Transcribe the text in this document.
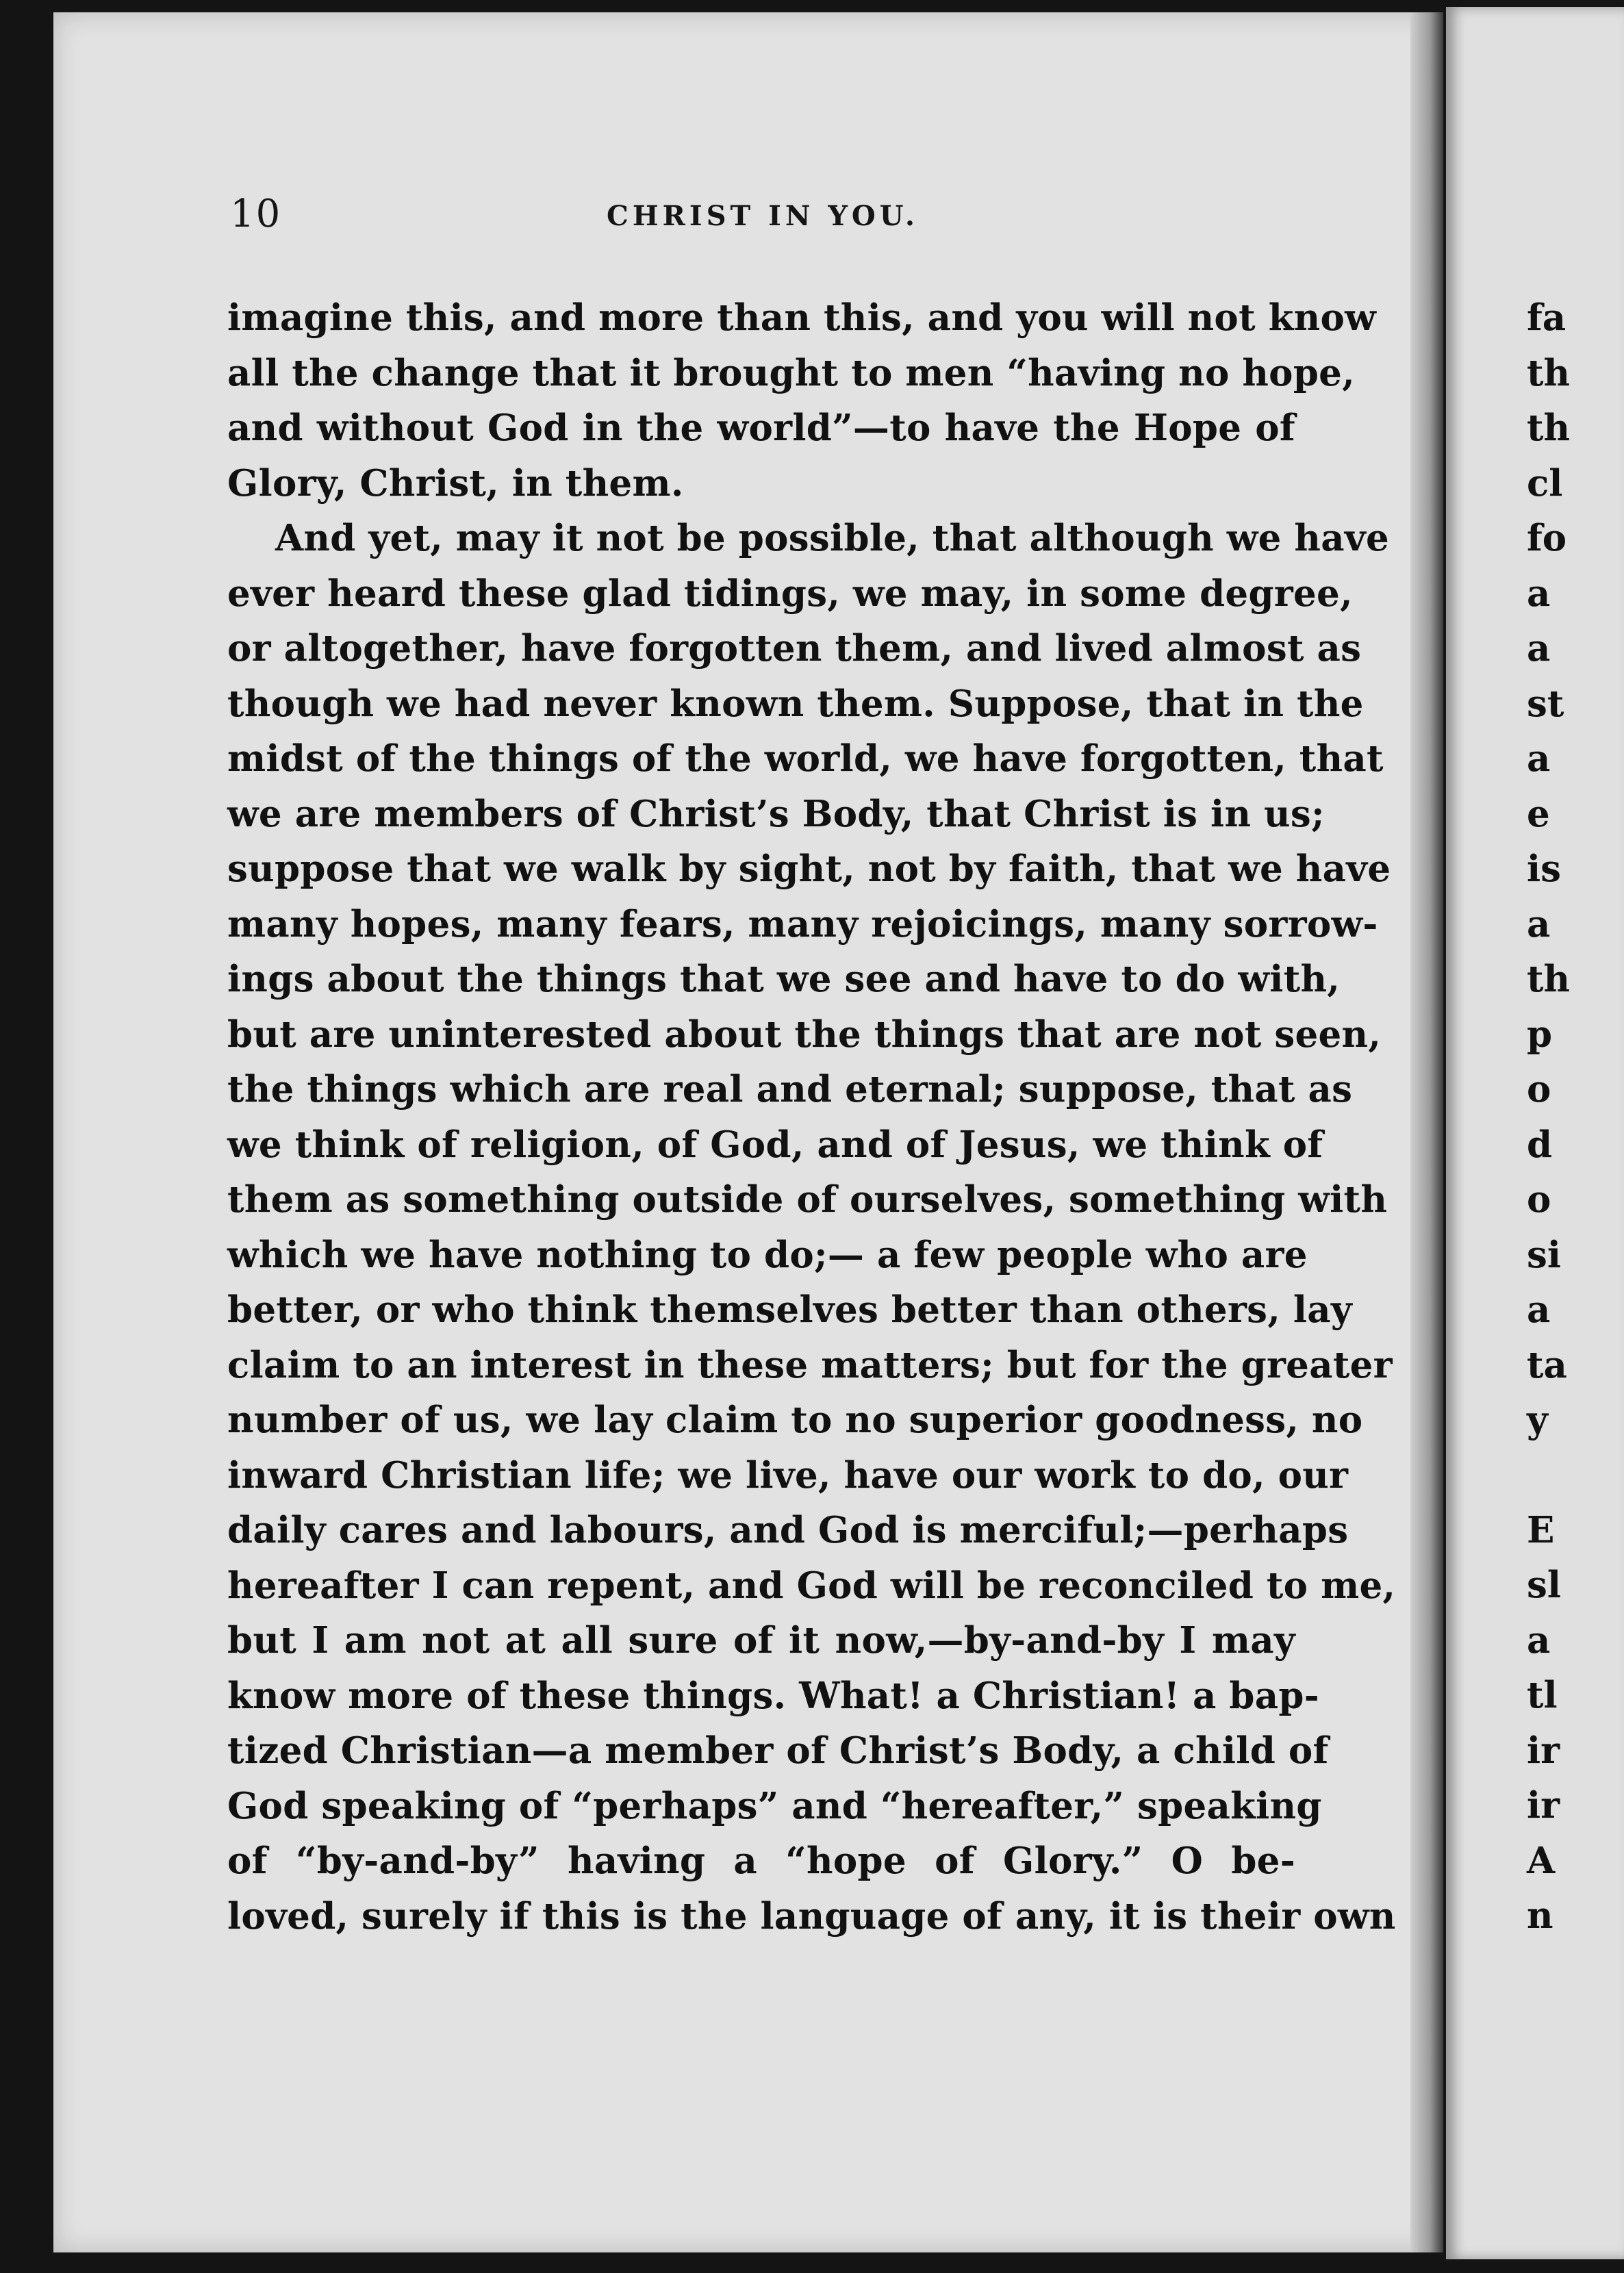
10	CHRIST IN YOU.
imagine this, and more than this, and you will not know
all the change that it brought to men “having no hope,
and without God in the world”—to have the Hope of
Glory, Christ, in them.
And yet, may it not be possible, that although we have
ever heard these glad tidings, we may, in some degree,
or altogether, have forgotten them, and lived almost as
though we had never known them. Suppose, that in the
midst of the things of the world, we have forgotten, that
we are members of Christ’s Body, that Christ is in us;
suppose that we walk by sight, not by faith, that we have
many hopes, many fears, many rejoicings, many sorrow-
ings about the things that we see and have to do with,
but are uninterested about the things that are not seen,
the things which are real and eternal; suppose, that as
we think of religion, of God, and of Jesus, we think of
them as something outside of ourselves, something with
which we have nothing to do;— a few people who are
better, or who think themselves better than others, lay
claim to an interest in these matters; but for the greater
number of us, we lay claim to no superior goodness, no
inward Christian life; we live, have our work to do, our
daily cares and labours, and God is merciful;—perhaps
hereafter I can repent, and God will be reconciled to me,
but I am not at all sure of it now,—by-and-by I may
know more of these things. What! a Christian! a bap-
tized Christian—a member of Christ’s Body, a child of
God speaking of “perhaps” and “hereafter,” speaking
of “by-and-by” having a “hope of Glory.” O be-
loved, surely if this is the language of any, it is their own
fa
th
th
cl
fo
a
a
st
a
e
is
a
th
p
o
d
o
si
a
ta
y
E
sl
a
tl
ir
ir
A
n
